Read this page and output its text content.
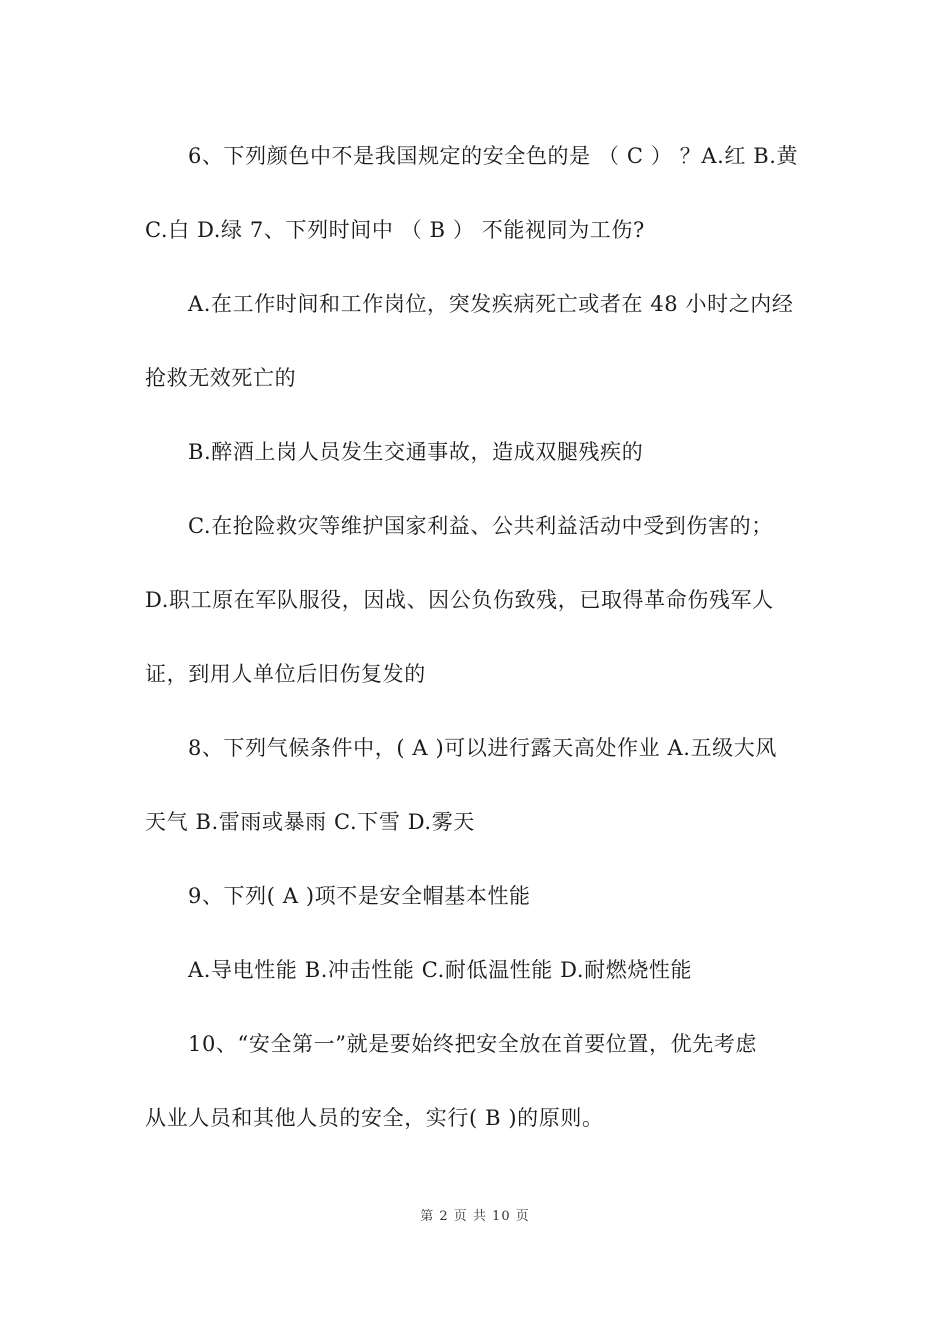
6、下列颜色中不是我国规定的安全色的是 （ C ） ？A.红 B.黄
C.白 D.绿 7、下列时间中 （ B ） 不能视同为工伤?
A.在工作时间和工作岗位，突发疾病死亡或者在 48 小时之内经
抢救无效死亡的
B.醉酒上岗人员发生交通事故，造成双腿残疾的
C.在抢险救灾等维护国家利益、公共利益活动中受到伤害的；
D.职工原在军队服役，因战、因公负伤致残，已取得革命伤残军人
证，到用人单位后旧伤复发的
8、下列气候条件中，( A )可以进行露天高处作业 A.五级大风
天气 B.雷雨或暴雨 C.下雪 D.雾天
9、下列( A )项不是安全帽基本性能
A.导电性能 B.冲击性能 C.耐低温性能 D.耐燃烧性能
10、“安全第一”就是要始终把安全放在首要位置，优先考虑
从业人员和其他人员的安全，实行( B )的原则。
第 2 页 共 10 页
